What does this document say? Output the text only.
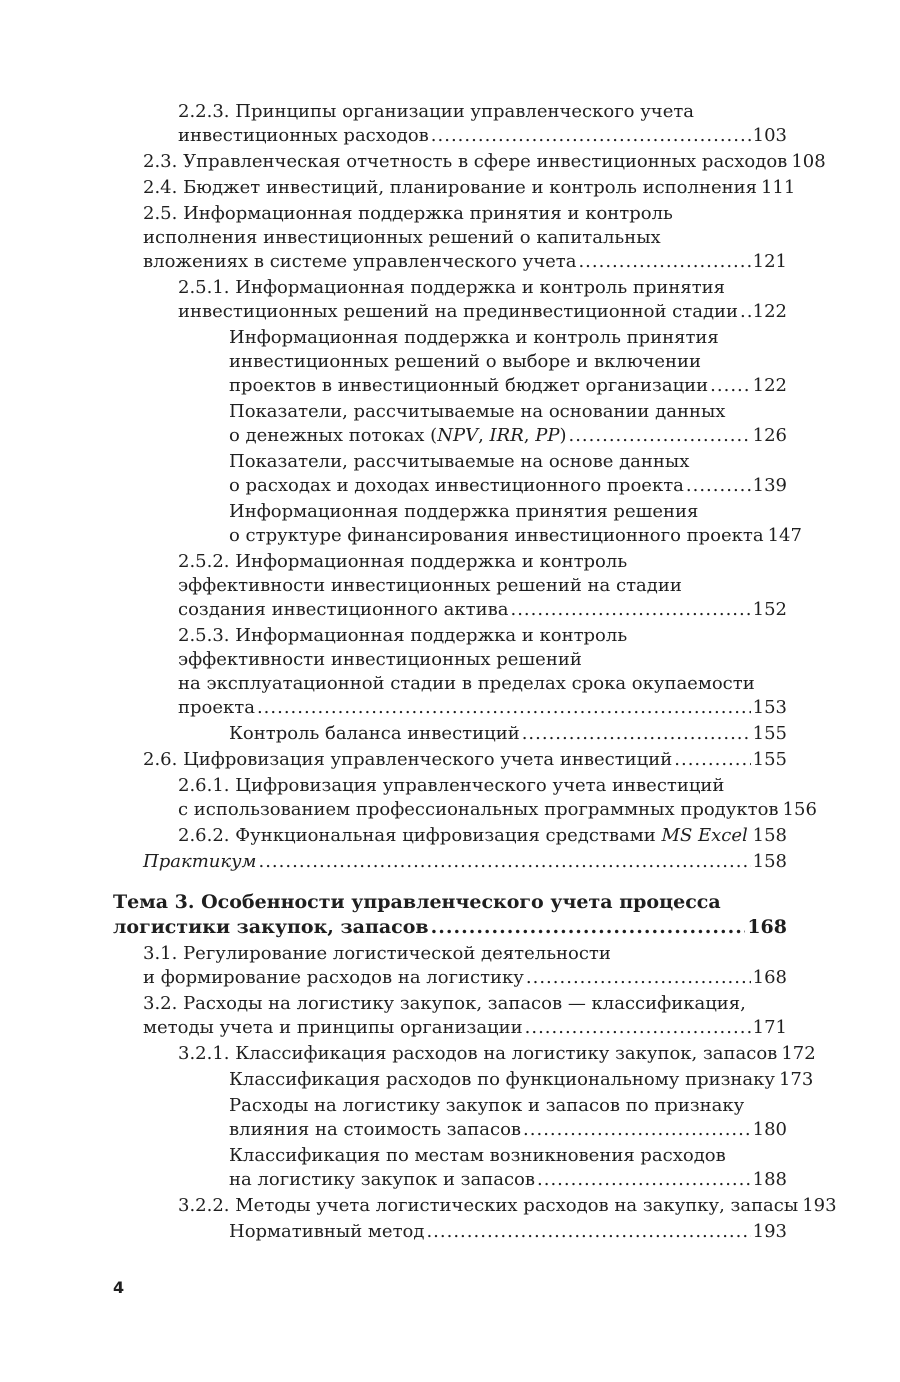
2.2.3. Принципы организации управленческого учета
инвестиционных расходов .....	103
2.3. Управленческая отчетность в сфере инвестиционных расходов 108
2.4. Бюджет инвестиций, планирование и контроль исполнения 111
2.5. Информационная поддержка принятия и контроль
исполнения инвестиционных решений о капитальных
вложениях в системе управленческого учета .....	121
2.5.1. Информационная поддержка и контроль принятия
инвестиционных решений на прединвестиционной стадии ..... 122
Информационная поддержка и контроль принятия
инвестиционных решений о выборе и включении
проектов в инвестиционный бюджет организации ..... 122
Показатели, рассчитываемые на основании данных
о денежных потоках (NPV, IRR, PP) .....	126
Показатели, рассчитываемые на основе данных
о расходах и доходах инвестиционного проекта .....	139
Информационная поддержка принятия решения
о структуре финансирования инвестиционного проекта 147
2.5.2. Информационная поддержка и контроль
эффективности инвестиционных решений на стадии
создания инвестиционного актива .....	152
2.5.3. Информационная поддержка и контроль
эффективности инвестиционных решений
на эксплуатационной стадии в пределах срока окупаемости
проекта .....	153
Контроль баланса инвестиций .....	155
2.6. Цифровизация управленческого учета инвестиций .....	155
2.6.1. Цифровизация управленческого учета инвестиций
с использованием профессиональных программных продуктов 156
2.6.2. Функциональная цифровизация средствами MS Excel ..... 158
Практикум .....	158
Тема 3. Особенности управленческого учета процесса
логистики закупок, запасов .....	168
3.1. Регулирование логистической деятельности
и формирование расходов на логистику .....	168
3.2. Расходы на логистику закупок, запасов — классификация,
методы учета и принципы организации .....	171
3.2.1. Классификация расходов на логистику закупок, запасов 172
Классификация расходов по функциональному признаку 173
Расходы на логистику закупок и запасов по признаку
влияния на стоимость запасов .....	180
Классификация по местам возникновения расходов
на логистику закупок и запасов .....	188
3.2.2. Методы учета логистических расходов на закупку, запасы 193
Нормативный метод .....	193
4
